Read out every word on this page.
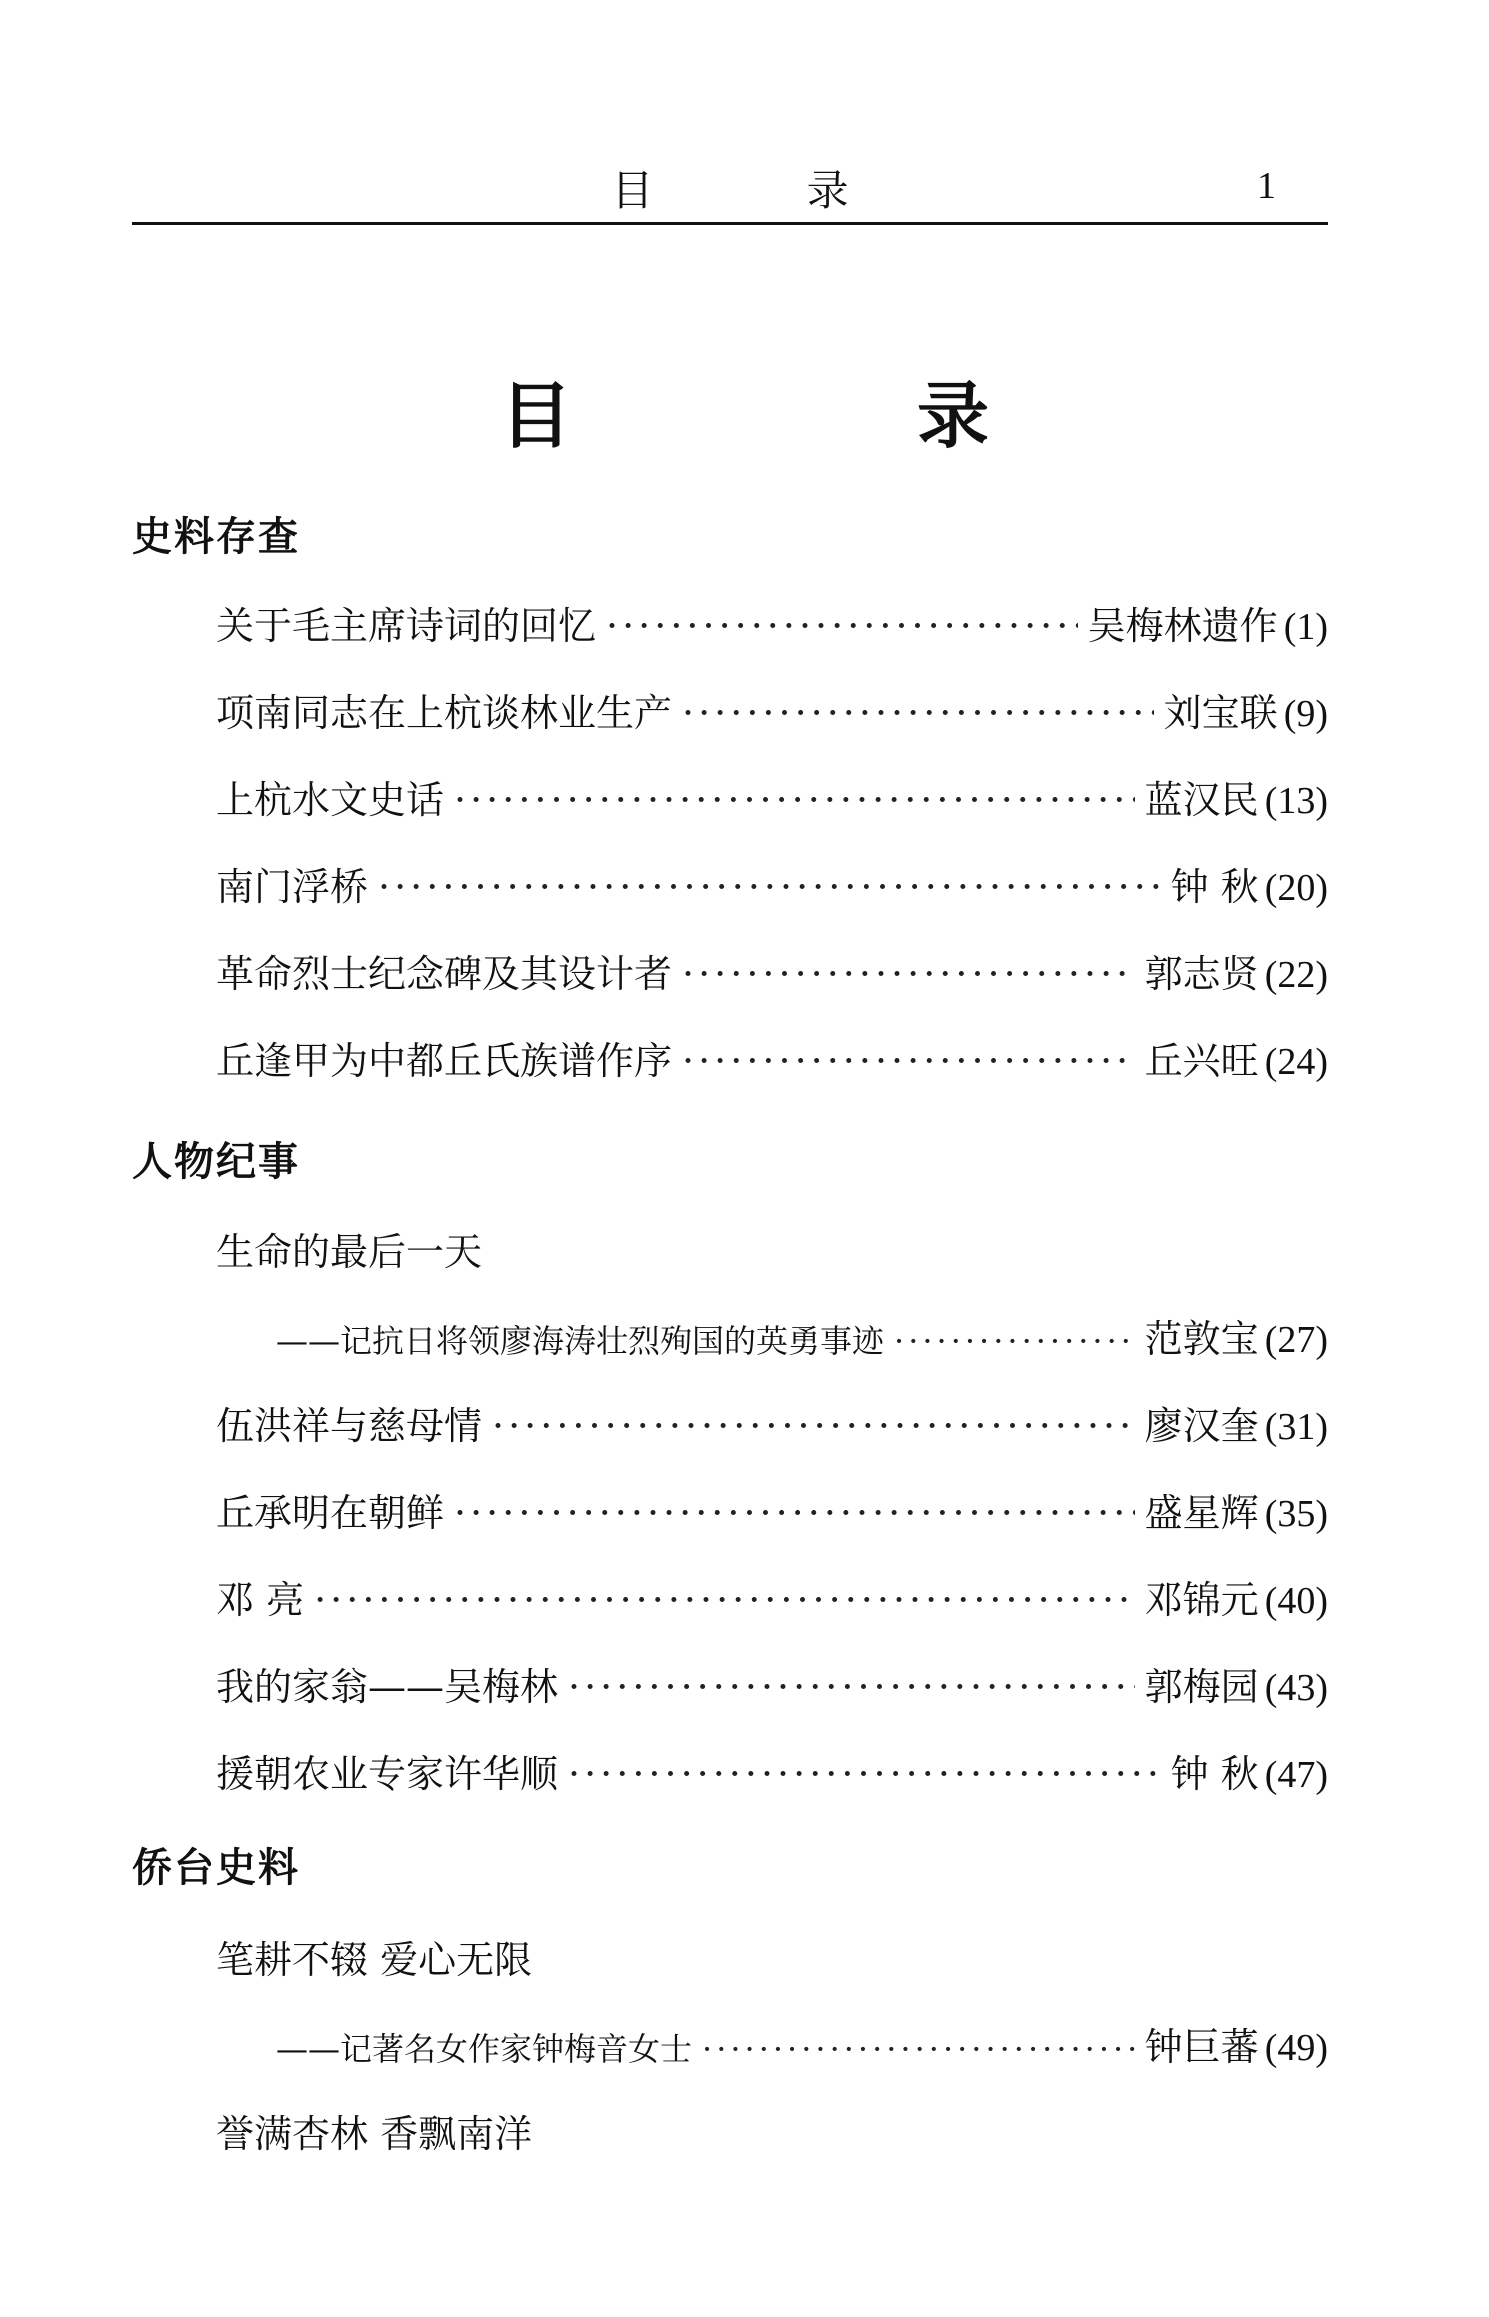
目 录	1
目 录
史料存查
关于毛主席诗词的回忆 ·····	吴梅林遗作 (1)
项南同志在上杭谈林业生产 ·····	刘宝联 (9)
上杭水文史话 ·····	蓝汉民 (13)
南门浮桥 ·····	钟 秋 (20)
革命烈士纪念碑及其设计者 ·····	郭志贤 (22)
丘逢甲为中都丘氏族谱作序 ·····	丘兴旺 (24)
人物纪事
生命的最后一天
——记抗日将领廖海涛壮烈殉国的英勇事迹 ·····	范敦宝 (27)
伍洪祥与慈母情 ·····	廖汉奎 (31)
丘承明在朝鲜 ·····	盛星辉 (35)
邓 亮 ·····	邓锦元 (40)
我的家翁——吴梅林 ·····	郭梅园 (43)
援朝农业专家许华顺 ·····	钟 秋 (47)
侨台史料
笔耕不辍 爱心无限
——记著名女作家钟梅音女士 ·····	钟巨蕃 (49)
誉满杏林 香飘南洋
